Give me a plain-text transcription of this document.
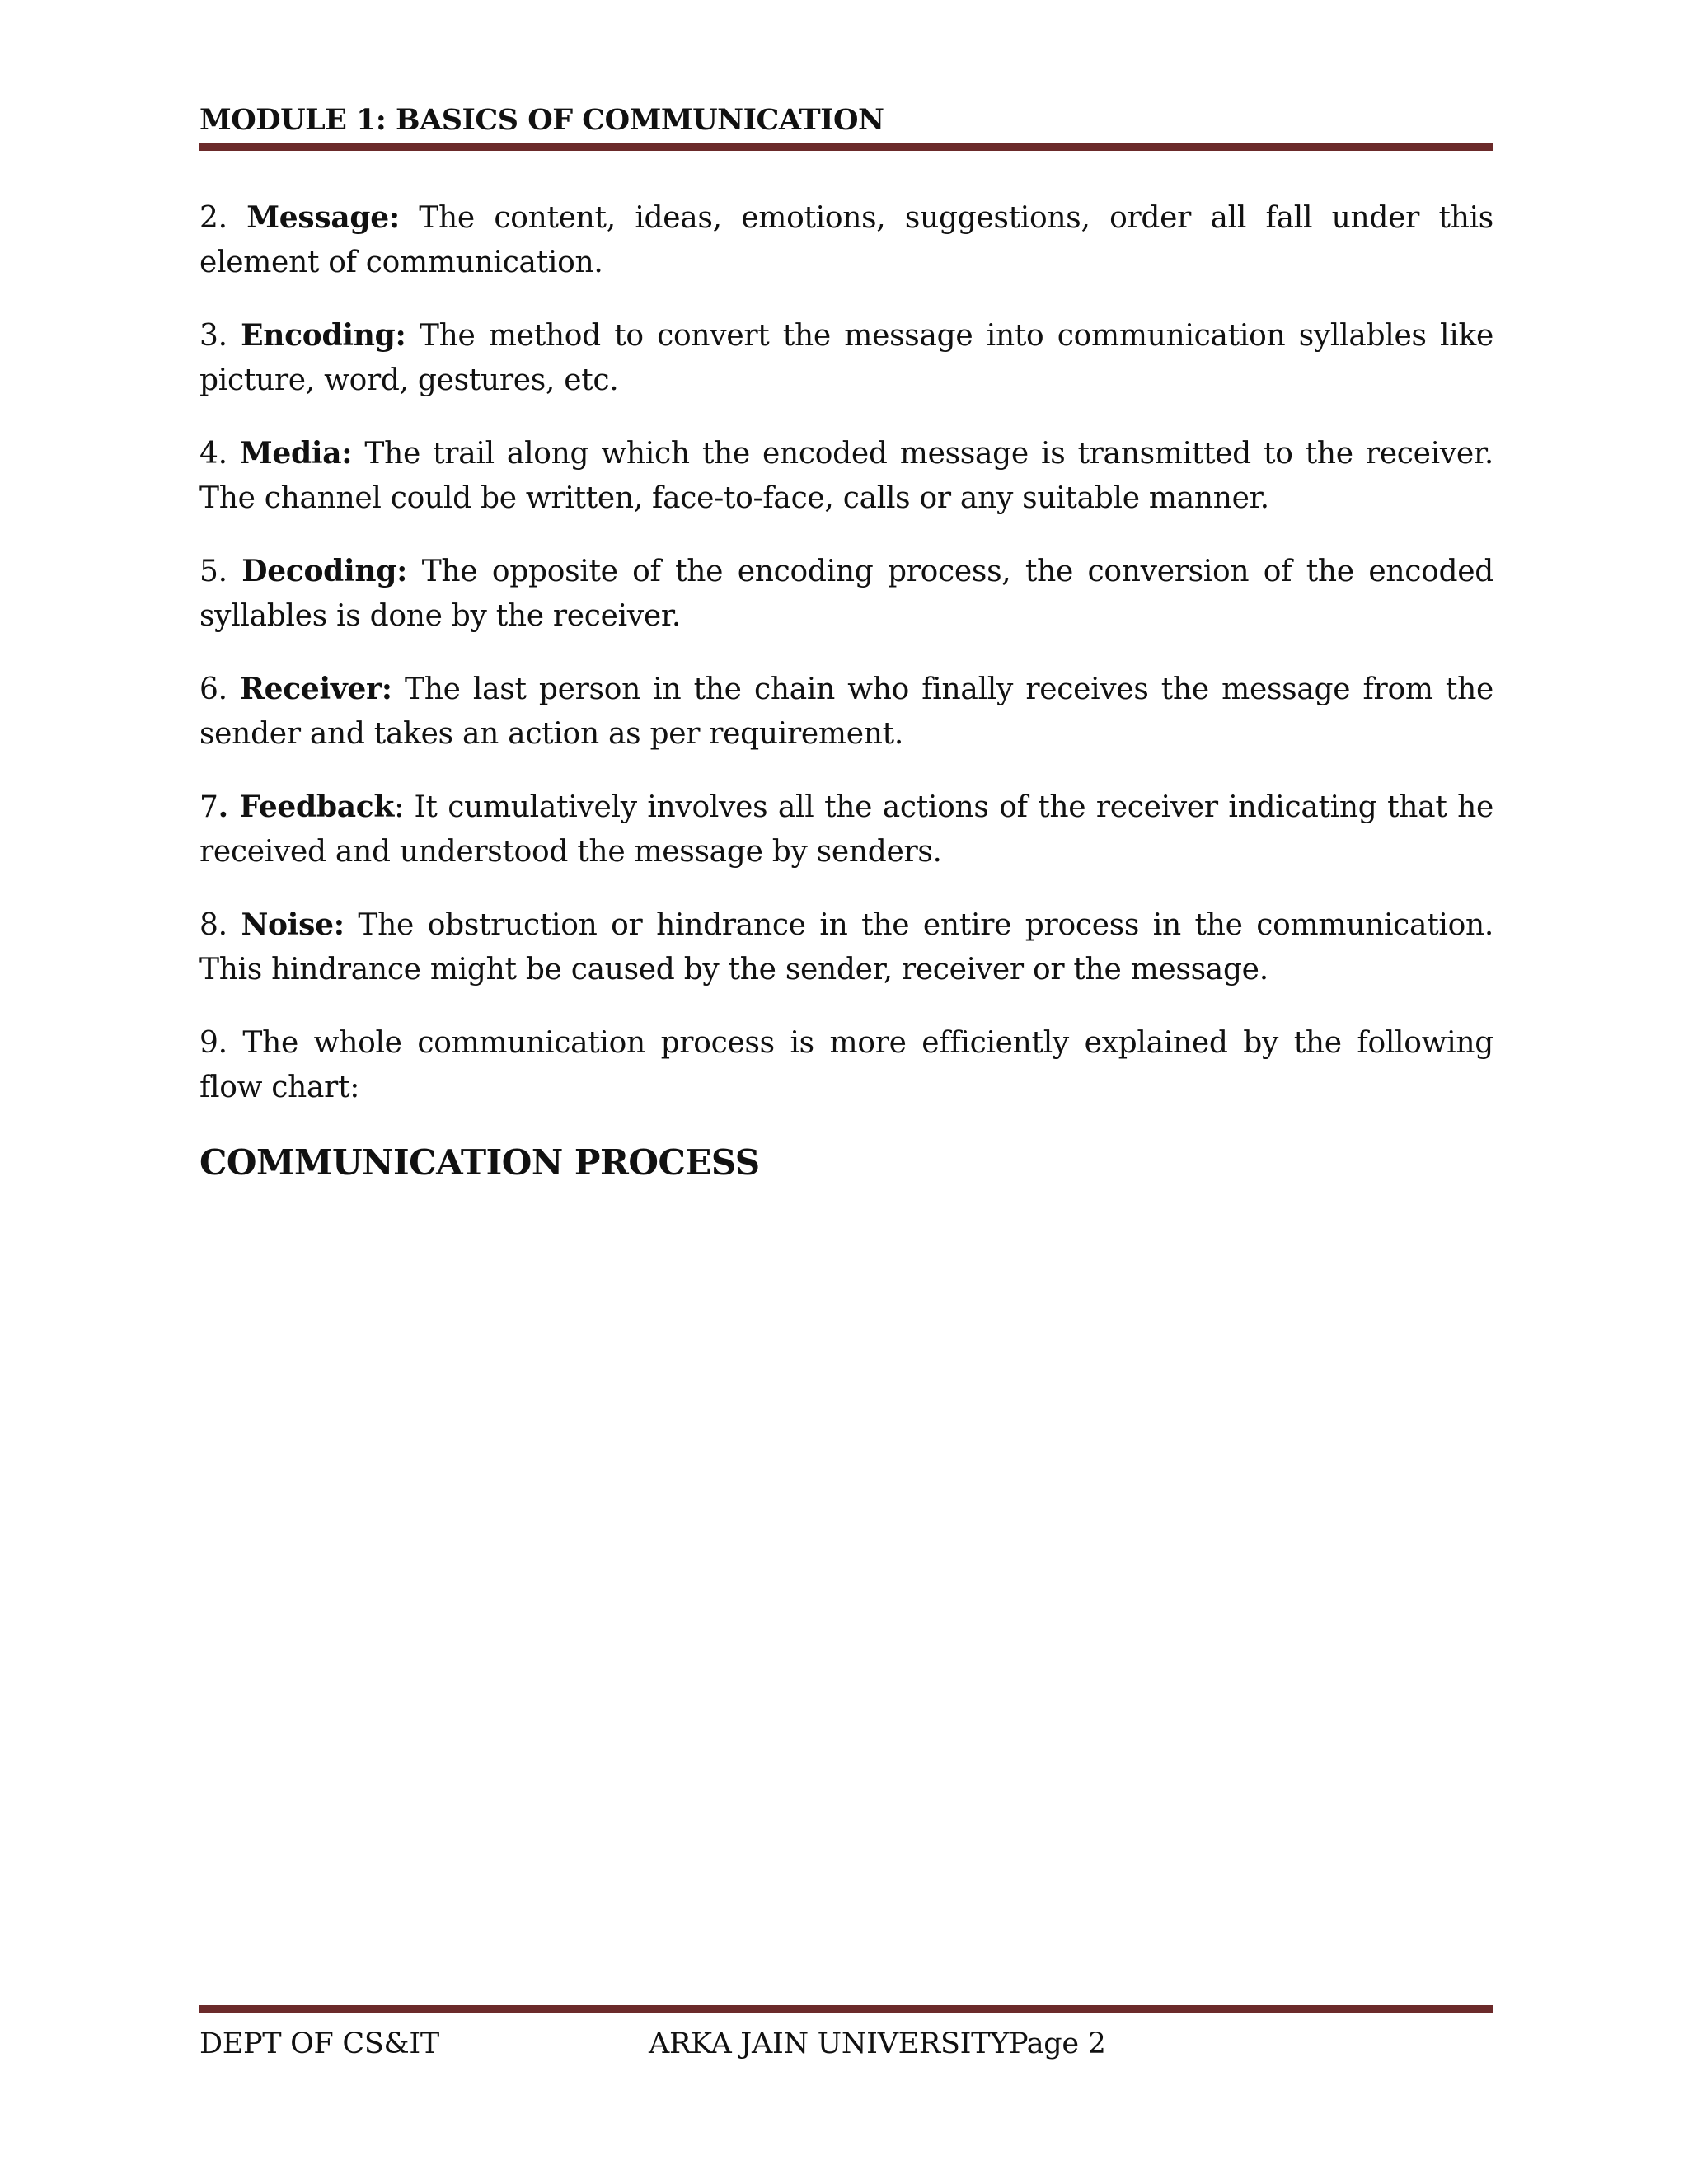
MODULE 1: BASICS OF COMMUNICATION

2. Message: The content, ideas, emotions, suggestions, order all fall under this element of communication.

3. Encoding: The method to convert the message into communication syllables like picture, word, gestures, etc.

4. Media: The trail along which the encoded message is transmitted to the receiver. The channel could be written, face-to-face, calls or any suitable manner.

5. Decoding: The opposite of the encoding process, the conversion of the encoded syllables is done by the receiver.

6. Receiver: The last person in the chain who finally receives the message from the sender and takes an action as per requirement.

7. Feedback: It cumulatively involves all the actions of the receiver indicating that he received and understood the message by senders.

8. Noise: The obstruction or hindrance in the entire process in the communication. This hindrance might be caused by the sender, receiver or the message.

9. The whole communication process is more efficiently explained by the following flow chart:

COMMUNICATION PROCESS
DEPT OF CS&IT	ARKA JAIN UNIVERSITYPage 2
